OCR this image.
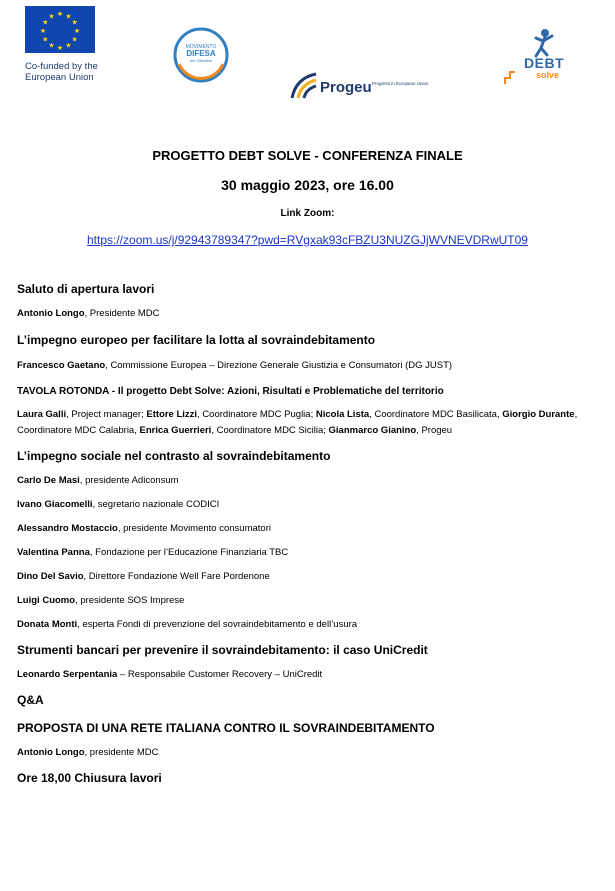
★ ★
★
★
★
★
★
★
★
★
★
★
Co-funded by the European Union
MOVIMENTO
DIFESA
del Cittadino
Progeu Progress in European Union
DEBT
solve
PROGETTO DEBT SOLVE - CONFERENZA FINALE
30 maggio 2023, ore 16.00
Link Zoom:
https://zoom.us/j/92943789347?pwd=RVgxak93cFBZU3NUZGJjWVNEVDRwUT09
Saluto di apertura lavori
Antonio Longo, Presidente MDC
L’impegno europeo per facilitare la lotta al sovraindebitamento
Francesco Gaetano, Commissione Europea – Direzione Generale Giustizia e Consumatori (DG JUST)
TAVOLA ROTONDA - Il progetto Debt Solve: Azioni, Risultati e Problematiche del territorio
Laura Galli, Project manager; Ettore Lizzi, Coordinatore MDC Puglia; Nicola Lista, Coordinatore MDC Basilicata, Giorgio Durante, Coordinatore MDC Calabria, Enrica Guerrieri, Coordinatore MDC Sicilia; Gianmarco Gianino, Progeu
L’impegno sociale nel contrasto al sovraindebitamento
Carlo De Masi, presidente Adiconsum
Ivano Giacomelli, segretario nazionale CODICI
Alessandro Mostaccio, presidente Movimento consumatori
Valentina Panna, Fondazione per l’Educazione Finanziaria TBC
Dino Del Savio, Direttore Fondazione Well Fare Pordenone
Luigi Cuomo, presidente SOS Imprese
Donata Monti, esperta Fondi di prevenzione del sovraindebitamento e dell’usura
Strumenti bancari per prevenire il sovraindebitamento: il caso UniCredit
Leonardo Serpentania – Responsabile Customer Recovery – UniCredit
Q&A
PROPOSTA DI UNA RETE ITALIANA CONTRO IL SOVRAINDEBITAMENTO
Antonio Longo, presidente MDC
Ore 18,00 Chiusura lavori
